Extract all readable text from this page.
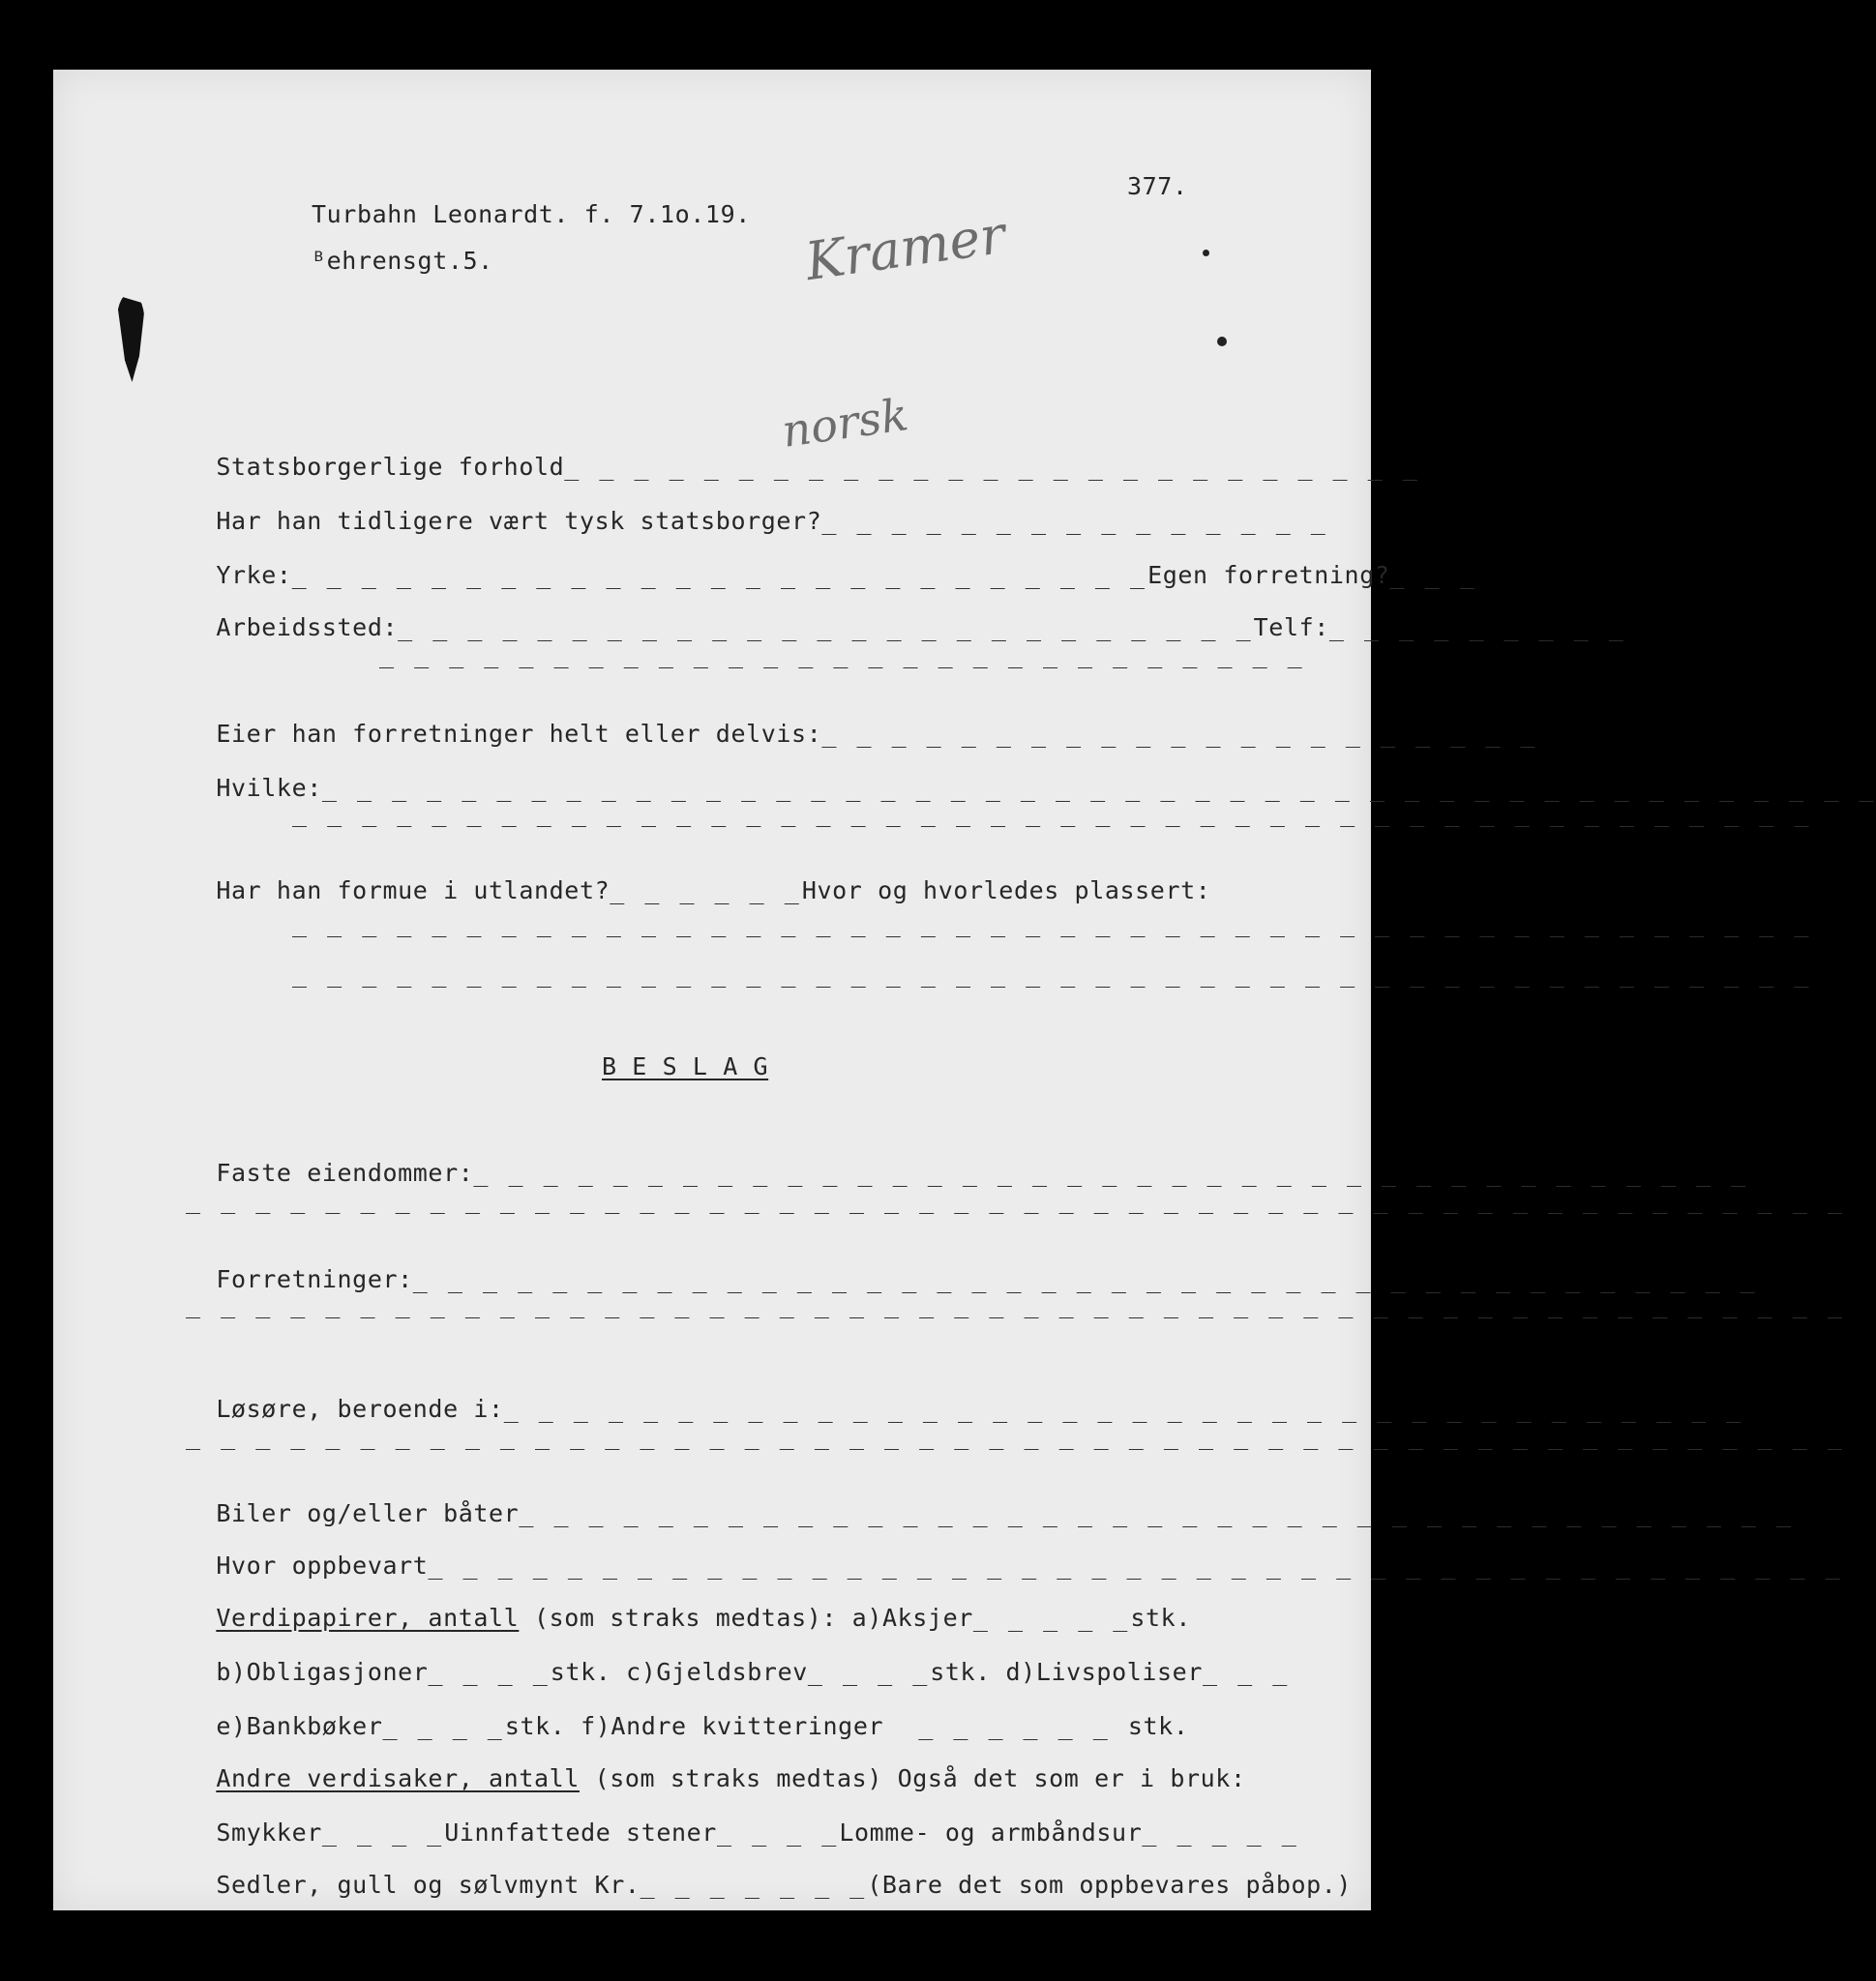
377.
Turbahn Leonardt. f. 7.1o.19.
ᴮehrensgt.5.	Kramer

Statsborgerlige forhold_ _ _ _ _ _ _ _ _ _ _ _ _ _ _ _ _ _ _ _ _ _ _ _ _

norsk

Har han tidligere vært tysk statsborger?_ _ _ _ _ _ _ _ _ _ _ _ _ _ _

Yrke:_ _ _ _ _ _ _ _ _ _ _ _ _ _ _ _ _ _ _ _ _ _ _ _ _Egen forretning?_ _ _

Arbeidssted:_ _ _ _ _ _ _ _ _ _ _ _ _ _ _ _ _ _ _ _ _ _ _ _ _Telf:_ _ _ _ _ _ _ _ _

_ _ _ _ _ _ _ _ _ _ _ _ _ _ _ _ _ _ _ _ _ _ _ _ _ _ _

Eier han forretninger helt eller delvis:_ _ _ _ _ _ _ _ _ _ _ _ _ _ _ _ _ _ _ _ _

Hvilke:_ _ _ _ _ _ _ _ _ _ _ _ _ _ _ _ _ _ _ _ _ _ _ _ _ _ _ _ _ _ _ _ _ _ _ _ _ _ _ _ _ _ _ _ _

_ _ _ _ _ _ _ _ _ _ _ _ _ _ _ _ _ _ _ _ _ _ _ _ _ _ _ _ _ _ _ _ _ _ _ _ _ _ _ _ _ _ _ _

Har han formue i utlandet?_ _ _ _ _ _Hvor og hvorledes plassert:

_ _ _ _ _ _ _ _ _ _ _ _ _ _ _ _ _ _ _ _ _ _ _ _ _ _ _ _ _ _ _ _ _ _ _ _ _ _ _ _ _ _ _ _
_ _ _ _ _ _ _ _ _ _ _ _ _ _ _ _ _ _ _ _ _ _ _ _ _ _ _ _ _ _ _ _ _ _ _ _ _ _ _ _ _ _ _ _
B E S L A G

Faste eiendommer:_ _ _ _ _ _ _ _ _ _ _ _ _ _ _ _ _ _ _ _ _ _ _ _ _ _ _ _ _ _ _ _ _ _ _ _ _

_ _ _ _ _ _ _ _ _ _ _ _ _ _ _ _ _ _ _ _ _ _ _ _ _ _ _ _ _ _ _ _ _ _ _ _ _ _ _ _ _ _ _ _ _ _ _ _

Forretninger:_ _ _ _ _ _ _ _ _ _ _ _ _ _ _ _ _ _ _ _ _ _ _ _ _ _ _ _ _ _ _ _ _ _ _ _ _ _ _

_ _ _ _ _ _ _ _ _ _ _ _ _ _ _ _ _ _ _ _ _ _ _ _ _ _ _ _ _ _ _ _ _ _ _ _ _ _ _ _ _ _ _ _ _ _ _ _

Løsøre, beroende i:_ _ _ _ _ _ _ _ _ _ _ _ _ _ _ _ _ _ _ _ _ _ _ _ _ _ _ _ _ _ _ _ _ _ _ _

_ _ _ _ _ _ _ _ _ _ _ _ _ _ _ _ _ _ _ _ _ _ _ _ _ _ _ _ _ _ _ _ _ _ _ _ _ _ _ _ _ _ _ _ _ _ _ _

Biler og/eller båter_ _ _ _ _ _ _ _ _ _ _ _ _ _ _ _ _ _ _ _ _ _ _ _ _ _ _ _ _ _ _ _ _ _ _ _ _

Hvor oppbevart_ _ _ _ _ _ _ _ _ _ _ _ _ _ _ _ _ _ _ _ _ _ _ _ _ _ _ _ _ _ _ _ _ _ _ _ _ _ _ _ _

Verdipapirer, antall (som straks medtas): a)Aksjer_ _ _ _ _stk.

b)Obligasjoner_ _ _ _stk. c)Gjeldsbrev_ _ _ _stk. d)Livspoliser_ _ _

e)Bankbøker_ _ _ _stk. f)Andre kvitteringer  _ _ _ _ _ _ stk.

Andre verdisaker, antall (som straks medtas) Også det som er i bruk:

Smykker_ _ _ _Uinnfattede stener_ _ _ _Lomme- og armbåndsur_ _ _ _ _

Sedler, gull og sølvmynt Kr._ _ _ _ _ _ _(Bare det som oppbevares påbop.)
